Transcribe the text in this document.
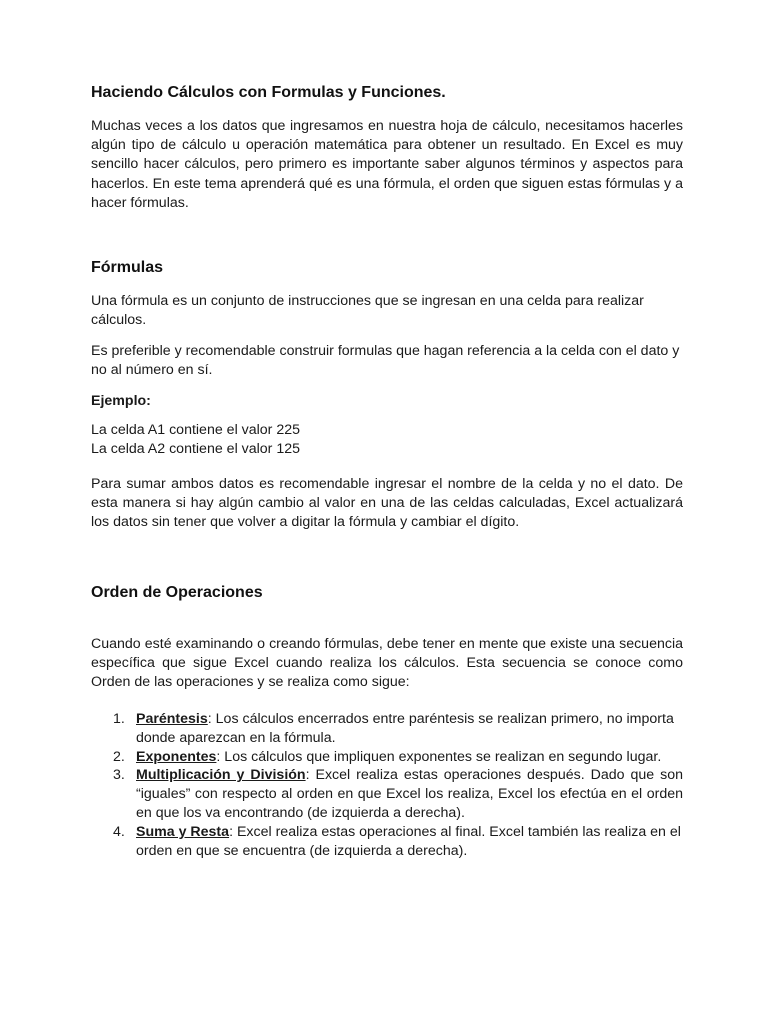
Haciendo Cálculos con Formulas y Funciones.

Muchas veces a los datos que ingresamos en nuestra hoja de cálculo, necesitamos hacerles algún tipo de cálculo u operación matemática para obtener un resultado. En Excel es muy sencillo hacer cálculos, pero primero es importante saber algunos términos y aspectos para hacerlos. En este tema aprenderá qué es una fórmula, el orden que siguen estas fórmulas y a hacer fórmulas.

Fórmulas

Una fórmula es un conjunto de instrucciones que se ingresan en una celda para realizar cálculos.

Es preferible y recomendable construir formulas que hagan referencia a la celda con el dato y no al número en sí.

Ejemplo:

La celda A1 contiene el valor 225

La celda A2 contiene el valor 125

Para sumar ambos datos es recomendable ingresar el nombre de la celda y no el dato. De esta manera si hay algún cambio al valor en una de las celdas calculadas, Excel actualizará los datos sin tener que volver a digitar la fórmula y cambiar el dígito.

Orden de Operaciones

Cuando esté examinando o creando fórmulas, debe tener en mente que existe una secuencia específica que sigue Excel cuando realiza los cálculos. Esta secuencia se conoce como Orden de las operaciones y se realiza como sigue:

1. Paréntesis: Los cálculos encerrados entre paréntesis se realizan primero, no importa donde aparezcan en la fórmula.
2. Exponentes: Los cálculos que impliquen exponentes se realizan en segundo lugar.
3. Multiplicación y División: Excel realiza estas operaciones después. Dado que son “iguales” con respecto al orden en que Excel los realiza, Excel los efectúa en el orden en que los va encontrando (de izquierda a derecha).
4. Suma y Resta: Excel realiza estas operaciones al final. Excel también las realiza en el orden en que se encuentra (de izquierda a derecha).
